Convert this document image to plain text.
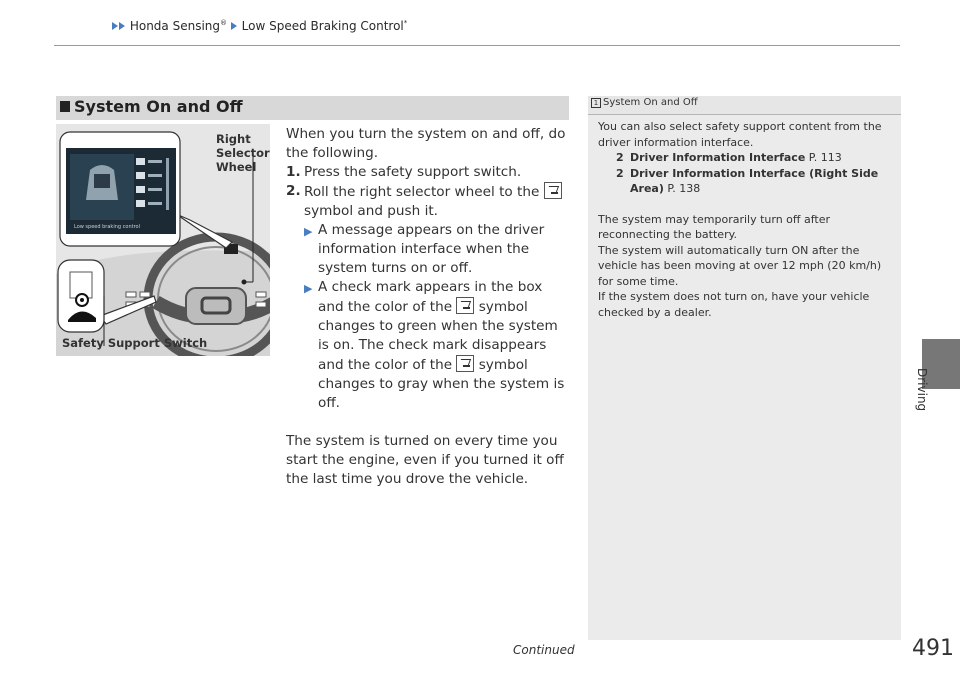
Honda Sensing® Low Speed Braking Control*
System On and Off
Low speed braking control
Right
Selector
Wheel
Safety Support Switch

When you turn the system on and off, do the following.

1. Press the safety support switch.
2. Roll the right selector wheel to the  symbol and push it.
▶ A message appears on the driver information interface when the system turns on or off.
▶ A check mark appears in the box and the color of the symbol changes to green when the system is on. The check mark disappears and the color of the symbol changes to gray when the system is off.

The system is turned on every time you start the engine, even if you turned it off the last time you drove the vehicle.

1 System On and Off

You can also select safety support content from the driver information interface.

2 Driver Information Interface P. 113
2 Driver Information Interface (Right Side Area) P. 138

The system may temporarily turn off after reconnecting the battery.

The system will automatically turn ON after the vehicle has been moving at over 12 mph (20 km/h) for some time.

If the system does not turn on, have your vehicle checked by a dealer.

Driving
Continued	491
